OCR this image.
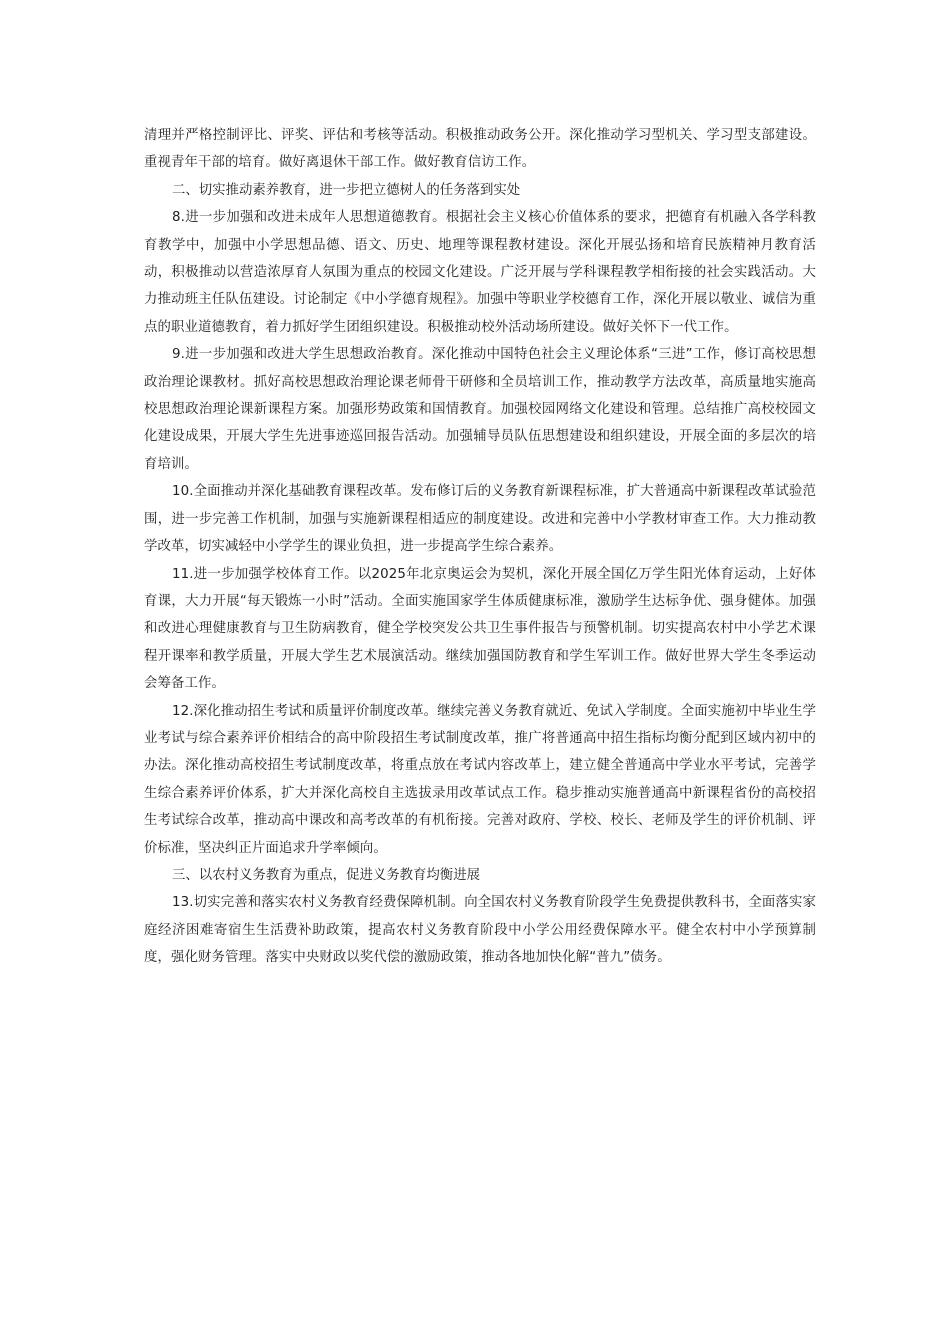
清理并严格控制评比、评奖、评估和考核等活动。积极推动政务公开。深化推动学习型机关、学习型支部建设。重视青年干部的培育。做好离退休干部工作。做好教育信访工作。

二、切实推动素养教育，进一步把立德树人的任务落到实处

8.进一步加强和改进未成年人思想道德教育。根据社会主义核心价值体系的要求，把德育有机融入各学科教育教学中，加强中小学思想品德、语文、历史、地理等课程教材建设。深化开展弘扬和培育民族精神月教育活动，积极推动以营造浓厚育人氛围为重点的校园文化建设。广泛开展与学科课程教学相衔接的社会实践活动。大力推动班主任队伍建设。讨论制定《中小学德育规程》。加强中等职业学校德育工作，深化开展以敬业、诚信为重点的职业道德教育，着力抓好学生团组织建设。积极推动校外活动场所建设。做好关怀下一代工作。

9.进一步加强和改进大学生思想政治教育。深化推动中国特色社会主义理论体系“三进”工作，修订高校思想政治理论课教材。抓好高校思想政治理论课老师骨干研修和全员培训工作，推动教学方法改革，高质量地实施高校思想政治理论课新课程方案。加强形势政策和国情教育。加强校园网络文化建设和管理。总结推广高校校园文化建设成果，开展大学生先进事迹巡回报告活动。加强辅导员队伍思想建设和组织建设，开展全面的多层次的培育培训。

10.全面推动并深化基础教育课程改革。发布修订后的义务教育新课程标准，扩大普通高中新课程改革试验范围，进一步完善工作机制，加强与实施新课程相适应的制度建设。改进和完善中小学教材审查工作。大力推动教学改革，切实减轻中小学学生的课业负担，进一步提高学生综合素养。

11.进一步加强学校体育工作。以2025年北京奥运会为契机，深化开展全国亿万学生阳光体育运动，上好体育课，大力开展“每天锻炼一小时”活动。全面实施国家学生体质健康标准，激励学生达标争优、强身健体。加强和改进心理健康教育与卫生防病教育，健全学校突发公共卫生事件报告与预警机制。切实提高农村中小学艺术课程开课率和教学质量，开展大学生艺术展演活动。继续加强国防教育和学生军训工作。做好世界大学生冬季运动会筹备工作。

12.深化推动招生考试和质量评价制度改革。继续完善义务教育就近、免试入学制度。全面实施初中毕业生学业考试与综合素养评价相结合的高中阶段招生考试制度改革，推广将普通高中招生指标均衡分配到区域内初中的办法。深化推动高校招生考试制度改革，将重点放在考试内容改革上，建立健全普通高中学业水平考试，完善学生综合素养评价体系，扩大并深化高校自主选拔录用改革试点工作。稳步推动实施普通高中新课程省份的高校招生考试综合改革，推动高中课改和高考改革的有机衔接。完善对政府、学校、校长、老师及学生的评价机制、评价标准，坚决纠正片面追求升学率倾向。

三、以农村义务教育为重点，促进义务教育均衡进展

13.切实完善和落实农村义务教育经费保障机制。向全国农村义务教育阶段学生免费提供教科书，全面落实家庭经济困难寄宿生生活费补助政策，提高农村义务教育阶段中小学公用经费保障水平。健全农村中小学预算制度，强化财务管理。落实中央财政以奖代偿的激励政策，推动各地加快化解“普九”债务。
